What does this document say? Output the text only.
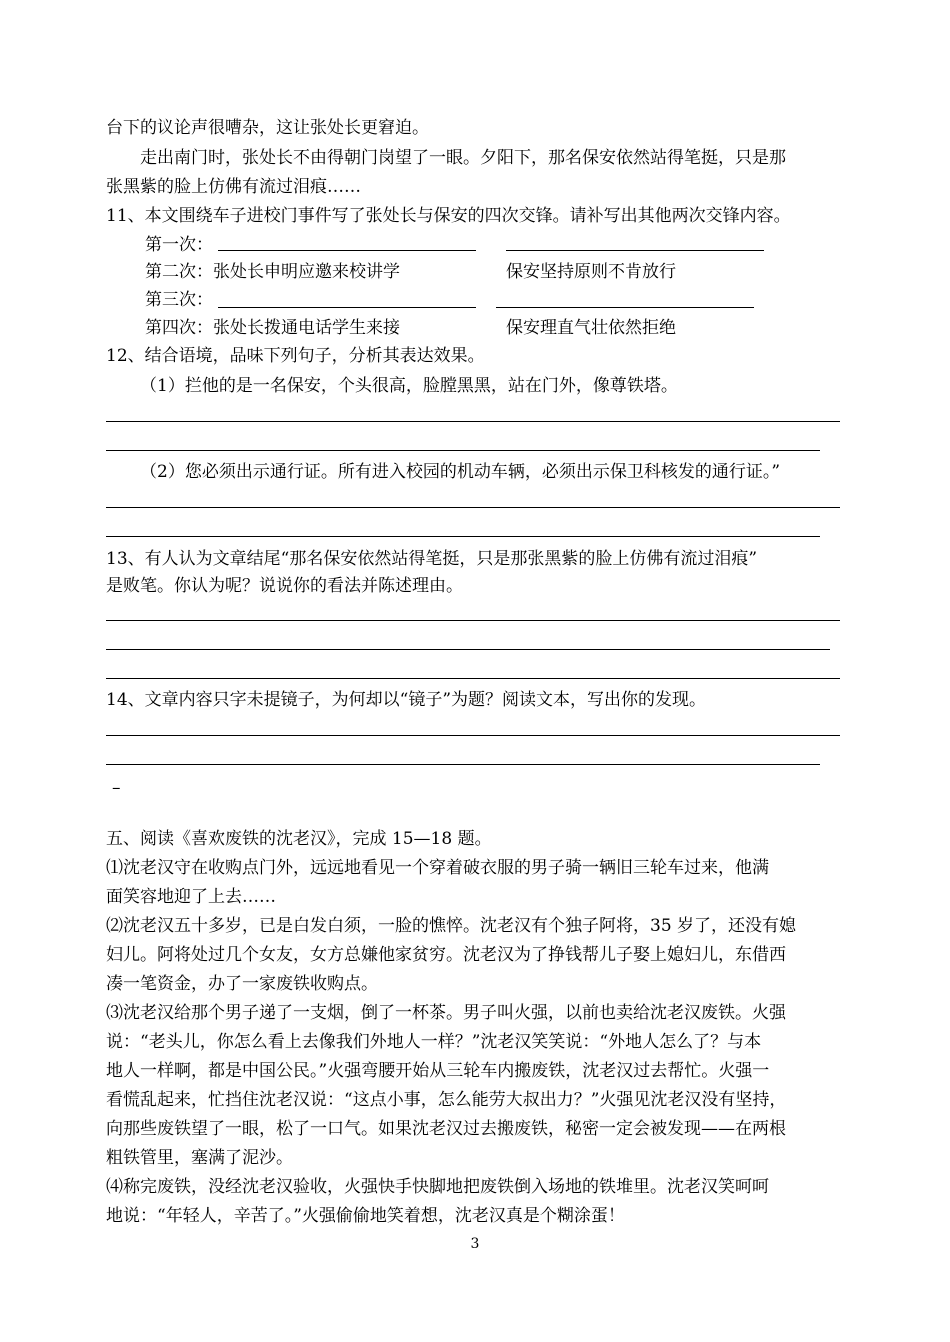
台下的议论声很嘈杂，这让张处长更窘迫。
走出南门时，张处长不由得朝门岗望了一眼。夕阳下，那名保安依然站得笔挺，只是那
张黑紫的脸上仿佛有流过泪痕……
11、本文围绕车子进校门事件写了张处长与保安的四次交锋。请补写出其他两次交锋内容。
第一次：
第二次：张处长申明应邀来校讲学	保安坚持原则不肯放行
第三次：
第四次：张处长拨通电话学生来接	保安理直气壮依然拒绝
12、结合语境，品味下列句子，分析其表达效果。
（1）拦他的是一名保安，个头很高，脸膛黑黑，站在门外，像尊铁塔。
（2）您必须出示通行证。所有进入校园的机动车辆，必须出示保卫科核发的通行证。”
13、有人认为文章结尾“那名保安依然站得笔挺，只是那张黑紫的脸上仿佛有流过泪痕”
是败笔。你认为呢？说说你的看法并陈述理由。
14、文章内容只字未提镜子，为何却以“镜子”为题？阅读文本，写出你的发现。
–
五、阅读《喜欢废铁的沈老汉》，完成 15—18 题。
⑴沈老汉守在收购点门外，远远地看见一个穿着破衣服的男子骑一辆旧三轮车过来，他满
面笑容地迎了上去……
⑵沈老汉五十多岁，已是白发白须，一脸的憔悴。沈老汉有个独子阿将，35 岁了，还没有媳
妇儿。阿将处过几个女友，女方总嫌他家贫穷。沈老汉为了挣钱帮儿子娶上媳妇儿，东借西
凑一笔资金，办了一家废铁收购点。
⑶沈老汉给那个男子递了一支烟，倒了一杯茶。男子叫火强，以前也卖给沈老汉废铁。火强
说：“老头儿，你怎么看上去像我们外地人一样？”沈老汉笑笑说：“外地人怎么了？与本
地人一样啊，都是中国公民。”火强弯腰开始从三轮车内搬废铁，沈老汉过去帮忙。火强一
看慌乱起来，忙挡住沈老汉说：“这点小事，怎么能劳大叔出力？”火强见沈老汉没有坚持，
向那些废铁望了一眼，松了一口气。如果沈老汉过去搬废铁，秘密一定会被发现——在两根
粗铁管里，塞满了泥沙。
⑷称完废铁，没经沈老汉验收，火强快手快脚地把废铁倒入场地的铁堆里。沈老汉笑呵呵
地说：“年轻人，辛苦了。”火强偷偷地笑着想，沈老汉真是个糊涂蛋！
3
